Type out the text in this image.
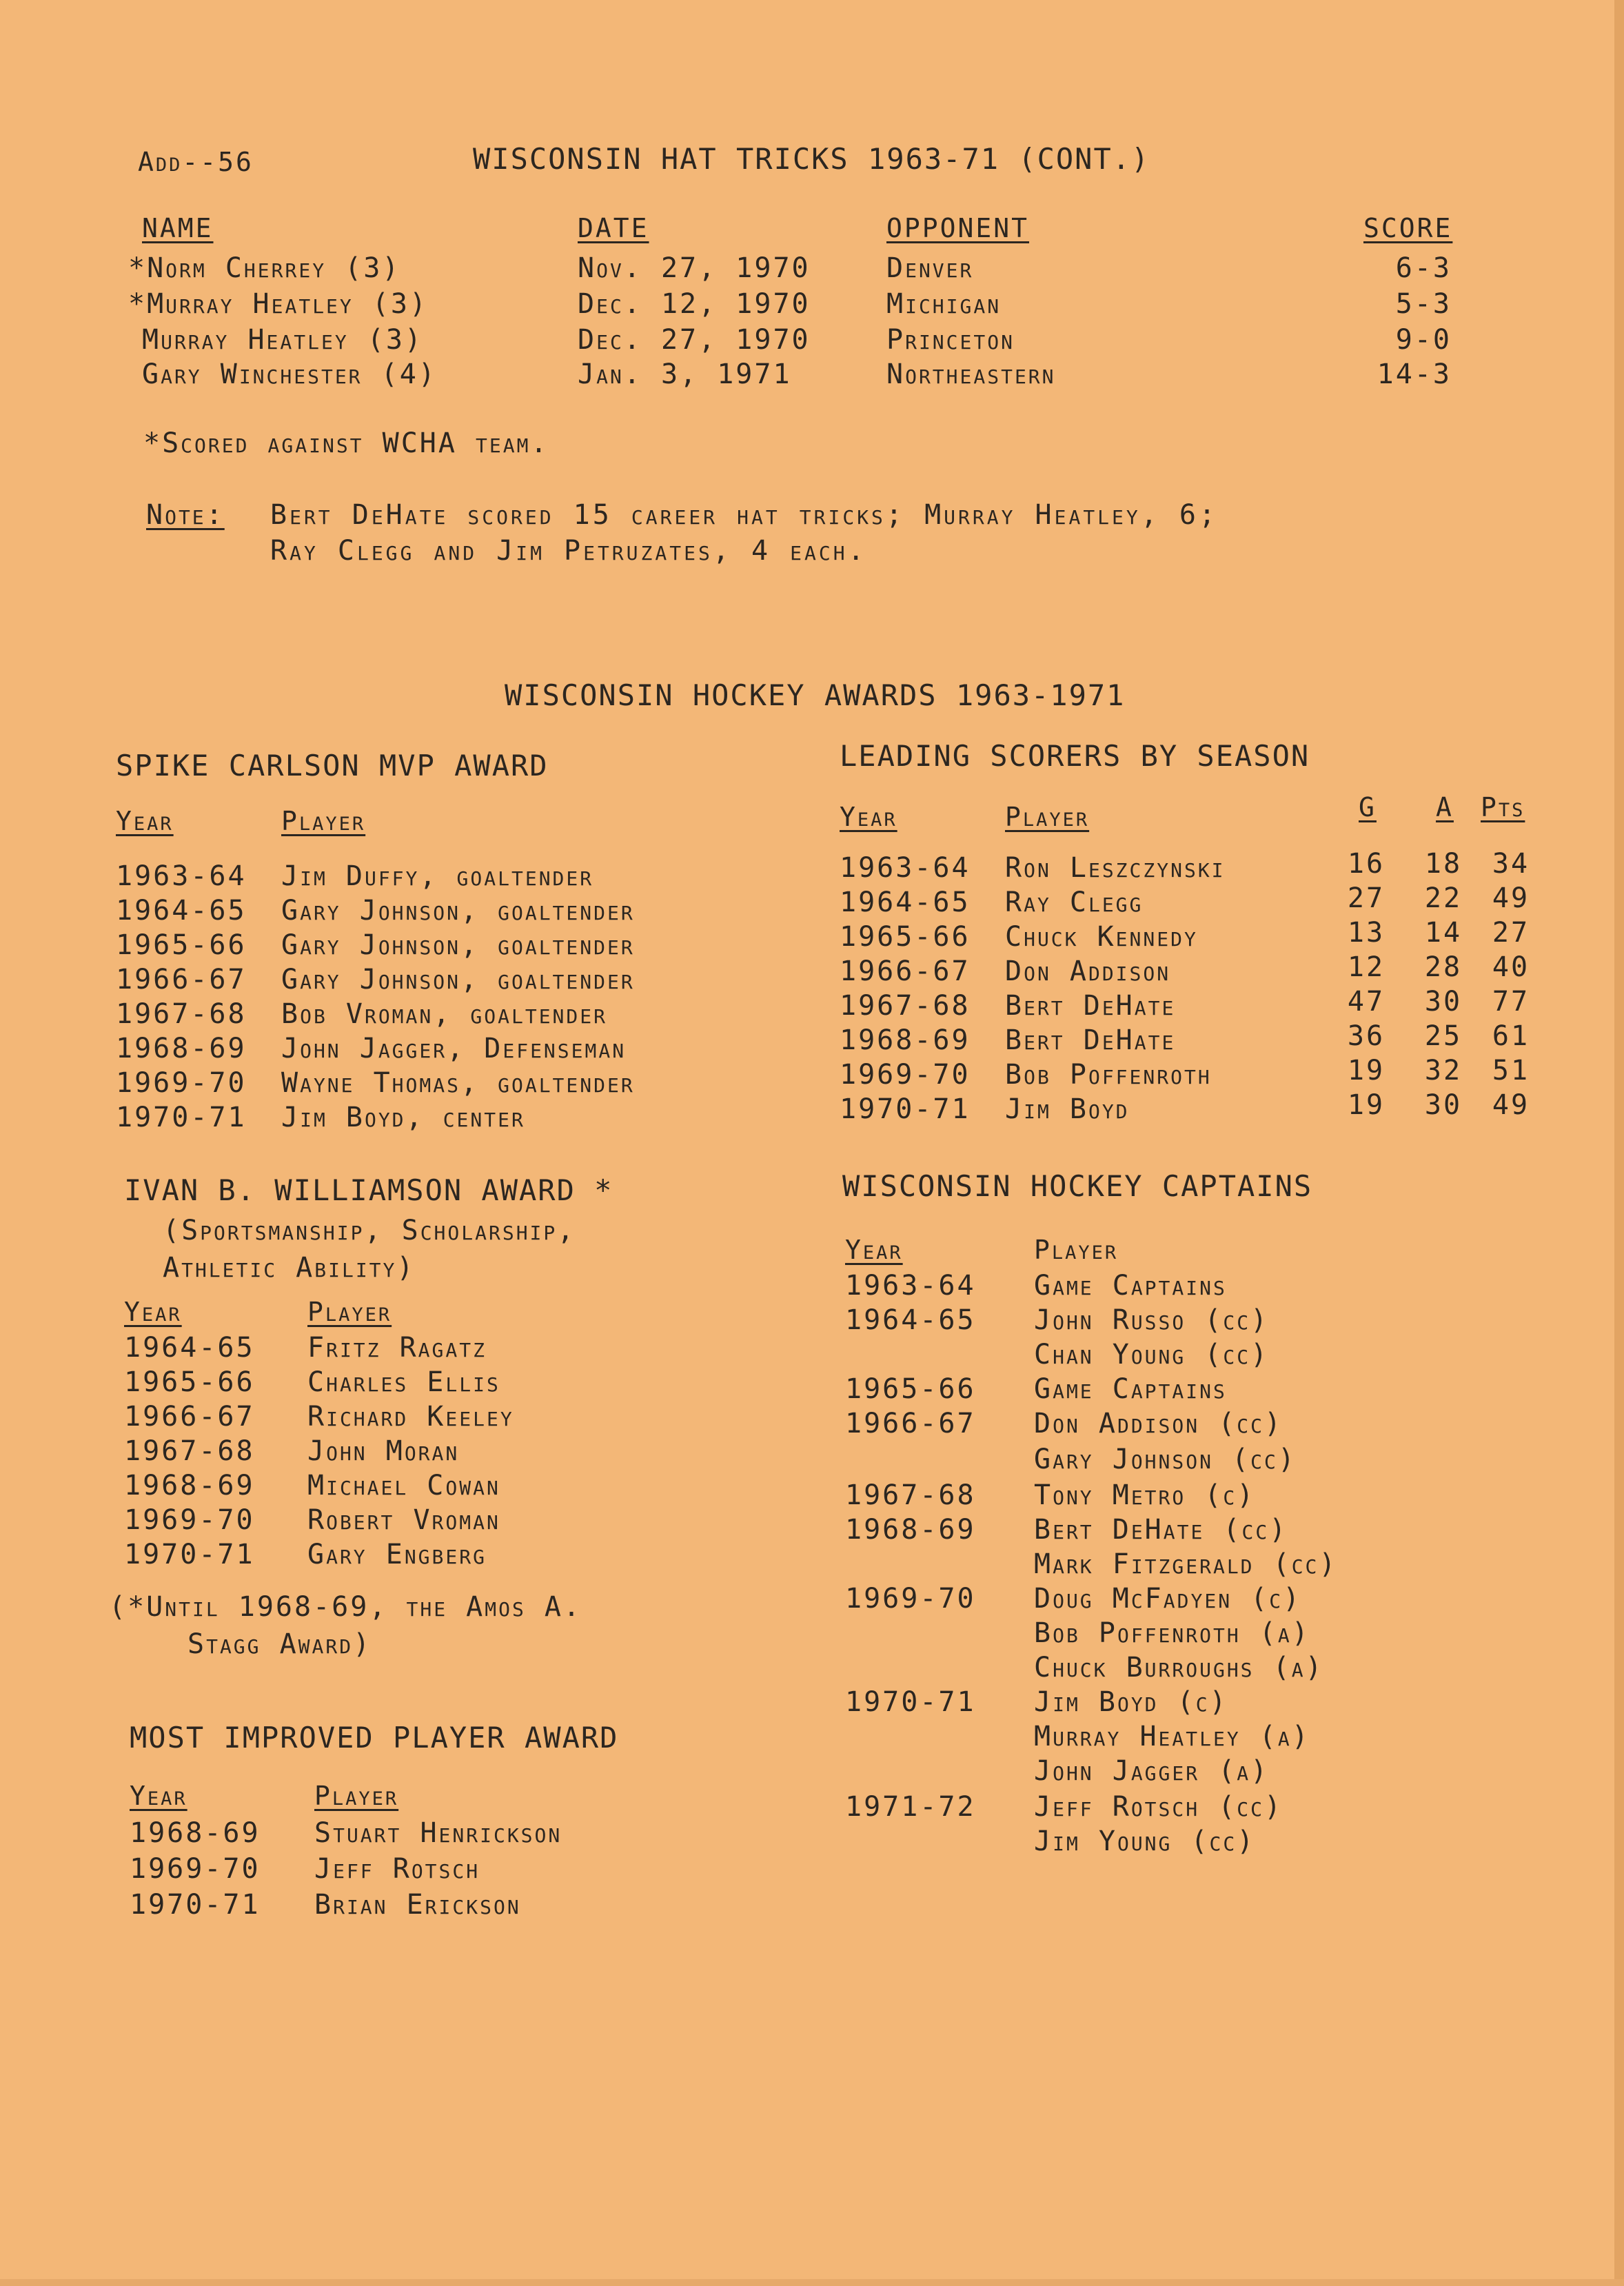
Add--56	WISCONSIN HAT TRICKS 1963-71 (CONT.)
NAME	DATE	OPPONENT	SCORE
*Norm Cherrey (3)	Nov. 27, 1970	Denver	6-3
*Murray Heatley (3)	Dec. 12, 1970	Michigan	5-3
Murray Heatley (3)	Dec. 27, 1970	Princeton	9-0
Gary Winchester (4)	Jan. 3, 1971	Northeastern	14-3
*Scored against WCHA team.
Note: Bert DeHate scored 15 career hat tricks; Murray Heatley, 6;
Ray Clegg and Jim Petruzates, 4 each.
WISCONSIN HOCKEY AWARDS 1963-1971
SPIKE CARLSON MVP AWARD
Year	Player
1963-64 Jim Duffy, goaltender
1964-65 Gary Johnson, goaltender
1965-66 Gary Johnson, goaltender
1966-67 Gary Johnson, goaltender
1967-68 Bob Vroman, goaltender
1968-69 John Jagger, Defenseman
1969-70 Wayne Thomas, goaltender
1970-71 Jim Boyd, center
IVAN B. WILLIAMSON AWARD *
(Sportsmanship, Scholarship,
Athletic Ability)
Year	Player
1964-65 Fritz Ragatz
1965-66 Charles Ellis
1966-67 Richard Keeley
1967-68 John Moran
1968-69 Michael Cowan
1969-70 Robert Vroman
1970-71 Gary Engberg
(*Until 1968-69, the Amos A.
Stagg Award)
MOST IMPROVED PLAYER AWARD
Year	Player
1968-69 Stuart Henrickson
1969-70 Jeff Rotsch
1970-71 Brian Erickson
LEADING SCORERS BY SEASON
Year	Player	G	A	Pts
1963-64 Ron Leszczynski	16	18	34
1964-65 Ray Clegg	27	22	49
1965-66 Chuck Kennedy	13	14	27
1966-67 Don Addison	12	28	40
1967-68 Bert DeHate	47	30	77
1968-69 Bert DeHate	36	25	61
1969-70 Bob Poffenroth	19	32	51
1970-71 Jim Boyd	19	30	49
WISCONSIN HOCKEY CAPTAINS
Year	Player
1963-64 Game Captains
1964-65 John Russo (cc)
Chan Young (cc)
1965-66 Game Captains
1966-67 Don Addison (cc)
Gary Johnson (cc)
1967-68 Tony Metro (c)
1968-69 Bert DeHate (cc)
Mark Fitzgerald (cc)
1969-70 Doug McFadyen (c)
Bob Poffenroth (a)
Chuck Burroughs (a)
1970-71 Jim Boyd (c)
Murray Heatley (a)
John Jagger (a)
1971-72 Jeff Rotsch (cc)
Jim Young (cc)
